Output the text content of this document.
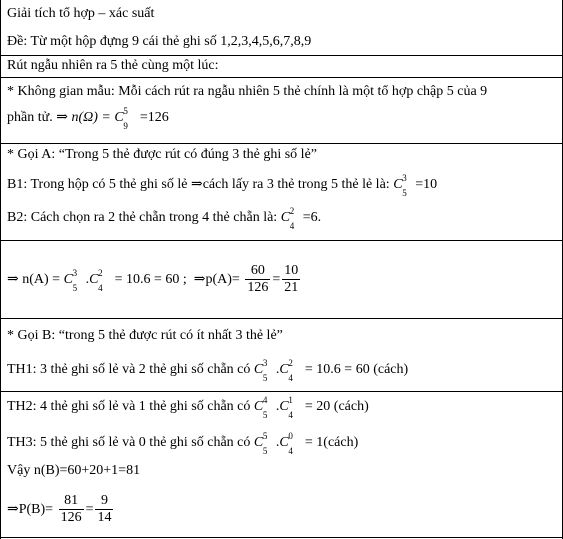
Giải tích tổ hợp – xác suất
Đề: Từ một hộp đựng 9 cái thẻ ghi số 1,2,3,4,5,6,7,8,9
Rút ngẫu nhiên ra 5 thẻ cùng một lúc:
* Không gian mẫu: Mỗi cách rút ra ngẫu nhiên 5 thẻ chính là một tổ hợp chập 5 của 9
phần tử. ⇒ n(Ω) = C 5
9
=126
* Gọi A: “Trong 5 thẻ được rút có đúng 3 thẻ ghi số lẻ”
B1: Trong hộp có 5 thẻ ghi số lẻ ⇒cách lấy ra 3 thẻ trong 5 thẻ lẻ là: C 3
5
=10
B2: Cách chọn ra 2 thẻ chẵn trong 4 thẻ chẵn là: C 2
4
=6.
⇒ n(A) = C 3
5
.C 2
4
= 10.6 = 60 ; ⇒p(A)= $\frac{60}{126} = \frac{10}{21}$
* Gọi B: “trong 5 thẻ được rút có ít nhất 3 thẻ lẻ”
TH1: 3 thẻ ghi số lẻ và 2 thẻ ghi số chẵn có C 3
5
.C 2
4
= 10.6 = 60 (cách)
TH2: 4 thẻ ghi số lẻ và 1 thẻ ghi số chẵn có C 4
5
.C 1
4
= 20 (cách)
TH3: 5 thẻ ghi số lẻ và 0 thẻ ghi số chẵn có C 5
5
.C 0
4
= 1(cách)
Vậy n(B)=60+20+1=81
⇒P(B)= $\frac{81}{126} = \frac{9}{14}$
